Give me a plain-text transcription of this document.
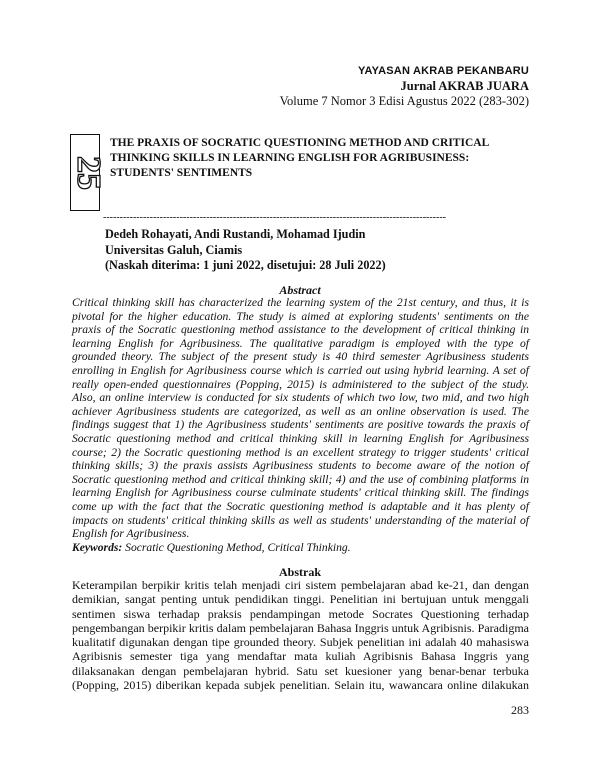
YAYASAN AKRAB PEKANBARU
Jurnal AKRAB JUARA
Volume 7 Nomor 3 Edisi Agustus 2022 (283-302)
25
THE PRAXIS OF SOCRATIC QUESTIONING METHOD AND CRITICAL
THINKING SKILLS IN LEARNING ENGLISH FOR AGRIBUSINESS:
STUDENTS' SENTIMENTS
-------------------------------------------------------------------------------------------------------
Dedeh Rohayati, Andi Rustandi, Mohamad Ijudin
Universitas Galuh, Ciamis
(Naskah diterima: 1 juni 2022, disetujui: 28 Juli 2022)
Abstract
Critical thinking skill has characterized the learning system of the 21st century, and thus, it is
pivotal for the higher education. The study is aimed at exploring students' sentiments on the
praxis of the Socratic questioning method assistance to the development of critical thinking in
learning English for Agribusiness. The qualitative paradigm is employed with the type of
grounded theory. The subject of the present study is 40 third semester Agribusiness students
enrolling in English for Agribusiness course which is carried out using hybrid learning. A set of
really open-ended questionnaires (Popping, 2015) is administered to the subject of the study.
Also, an online interview is conducted for six students of which two low, two mid, and two high
achiever Agribusiness students are categorized, as well as an online observation is used. The
findings suggest that 1) the Agribusiness students' sentiments are positive towards the praxis of
Socratic questioning method and critical thinking skill in learning English for Agribusiness
course; 2) the Socratic questioning method is an excellent strategy to trigger students' critical
thinking skills; 3) the praxis assists Agribusiness students to become aware of the notion of
Socratic questioning method and critical thinking skill; 4) and the use of combining platforms in
learning English for Agribusiness course culminate students' critical thinking skill. The findings
come up with the fact that the Socratic questioning method is adaptable and it has plenty of
impacts on students' critical thinking skills as well as students' understanding of the material of
English for Agribusiness.
Keywords: Socratic Questioning Method, Critical Thinking.
Abstrak
Keterampilan berpikir kritis telah menjadi ciri sistem pembelajaran abad ke-21, dan dengan
demikian, sangat penting untuk pendidikan tinggi. Penelitian ini bertujuan untuk menggali
sentimen siswa terhadap praksis pendampingan metode Socrates Questioning terhadap
pengembangan berpikir kritis dalam pembelajaran Bahasa Inggris untuk Agribisnis. Paradigma
kualitatif digunakan dengan tipe grounded theory. Subjek penelitian ini adalah 40 mahasiswa
Agribisnis semester tiga yang mendaftar mata kuliah Agribisnis Bahasa Inggris yang
dilaksanakan dengan pembelajaran hybrid. Satu set kuesioner yang benar-benar terbuka
(Popping, 2015) diberikan kepada subjek penelitian. Selain itu, wawancara online dilakukan
283
